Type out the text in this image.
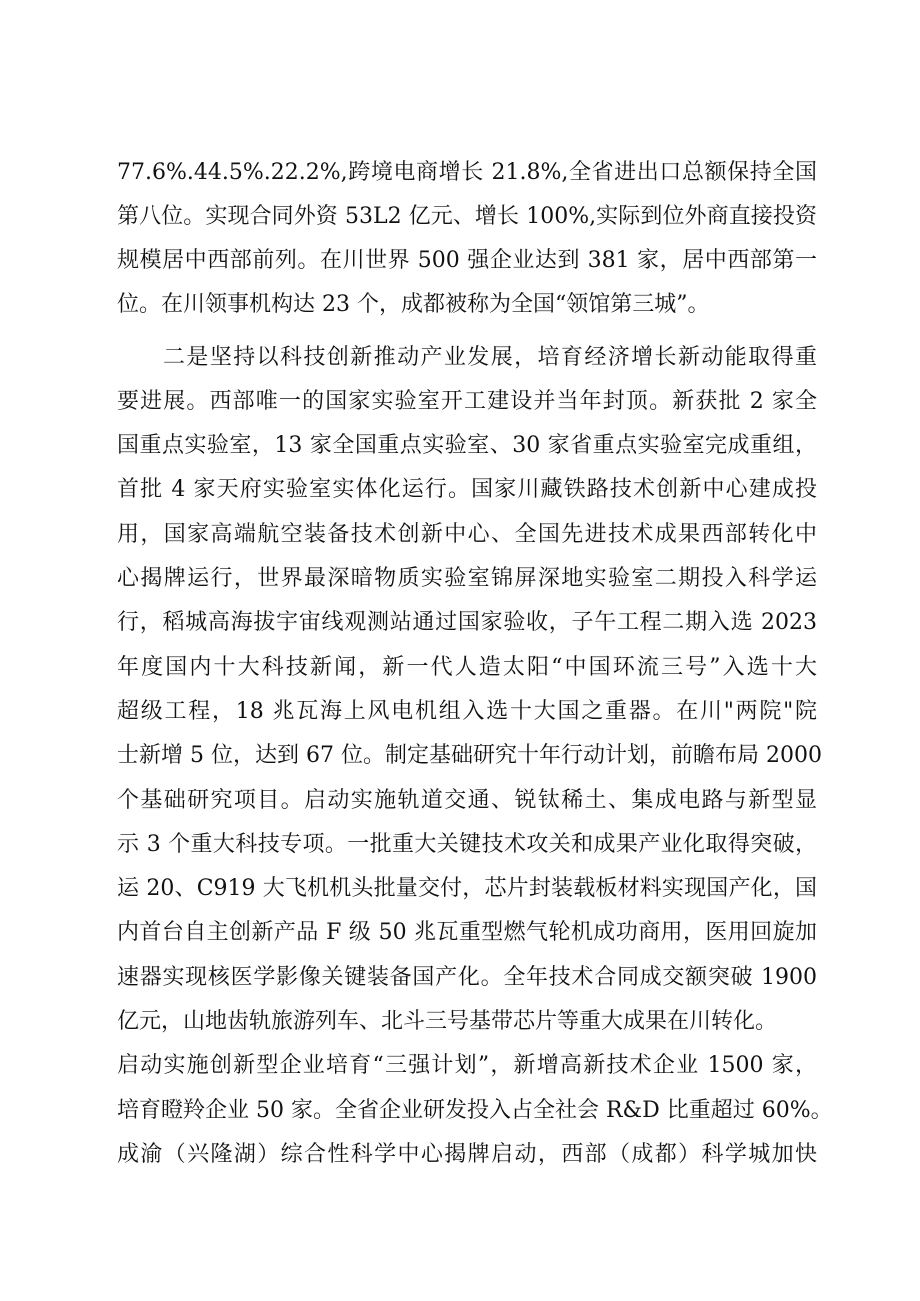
77.6%.44.5%.22.2%,跨境电商增长 21.8%,全省进出口总额保持全国
第八位。实现合同外资 53L2 亿元、增长 100%,实际到位外商直接投资
规模居中西部前列。在川世界 500 强企业达到 381 家，居中西部第一
位。在川领事机构达 23 个，成都被称为全国“领馆第三城”。
二是坚持以科技创新推动产业发展，培育经济增长新动能取得重
要进展。西部唯一的国家实验室开工建设并当年封顶。新获批 2 家全
国重点实验室，13 家全国重点实验室、30 家省重点实验室完成重组，
首批 4 家天府实验室实体化运行。国家川藏铁路技术创新中心建成投
用，国家高端航空装备技术创新中心、全国先进技术成果西部转化中
心揭牌运行，世界最深暗物质实验室锦屏深地实验室二期投入科学运
行，稻城高海拔宇宙线观测站通过国家验收，子午工程二期入选 2023
年度国内十大科技新闻，新一代人造太阳“中国环流三号”入选十大
超级工程，18 兆瓦海上风电机组入选十大国之重器。在川"两院"院
士新增 5 位，达到 67 位。制定基础研究十年行动计划，前瞻布局 2000
个基础研究项目。启动实施轨道交通、锐钛稀土、集成电路与新型显
示 3 个重大科技专项。一批重大关键技术攻关和成果产业化取得突破，
运 20、C919 大飞机机头批量交付，芯片封装载板材料实现国产化，国
内首台自主创新产品 F 级 50 兆瓦重型燃气轮机成功商用，医用回旋加
速器实现核医学影像关键装备国产化。全年技术合同成交额突破 1900
亿元，山地齿轨旅游列车、北斗三号基带芯片等重大成果在川转化。
启动实施创新型企业培育“三强计划”，新增高新技术企业 1500 家，
培育瞪羚企业 50 家。全省企业研发投入占全社会 R&D 比重超过 60%。
成渝（兴隆湖）综合性科学中心揭牌启动，西部（成都）科学城加快
